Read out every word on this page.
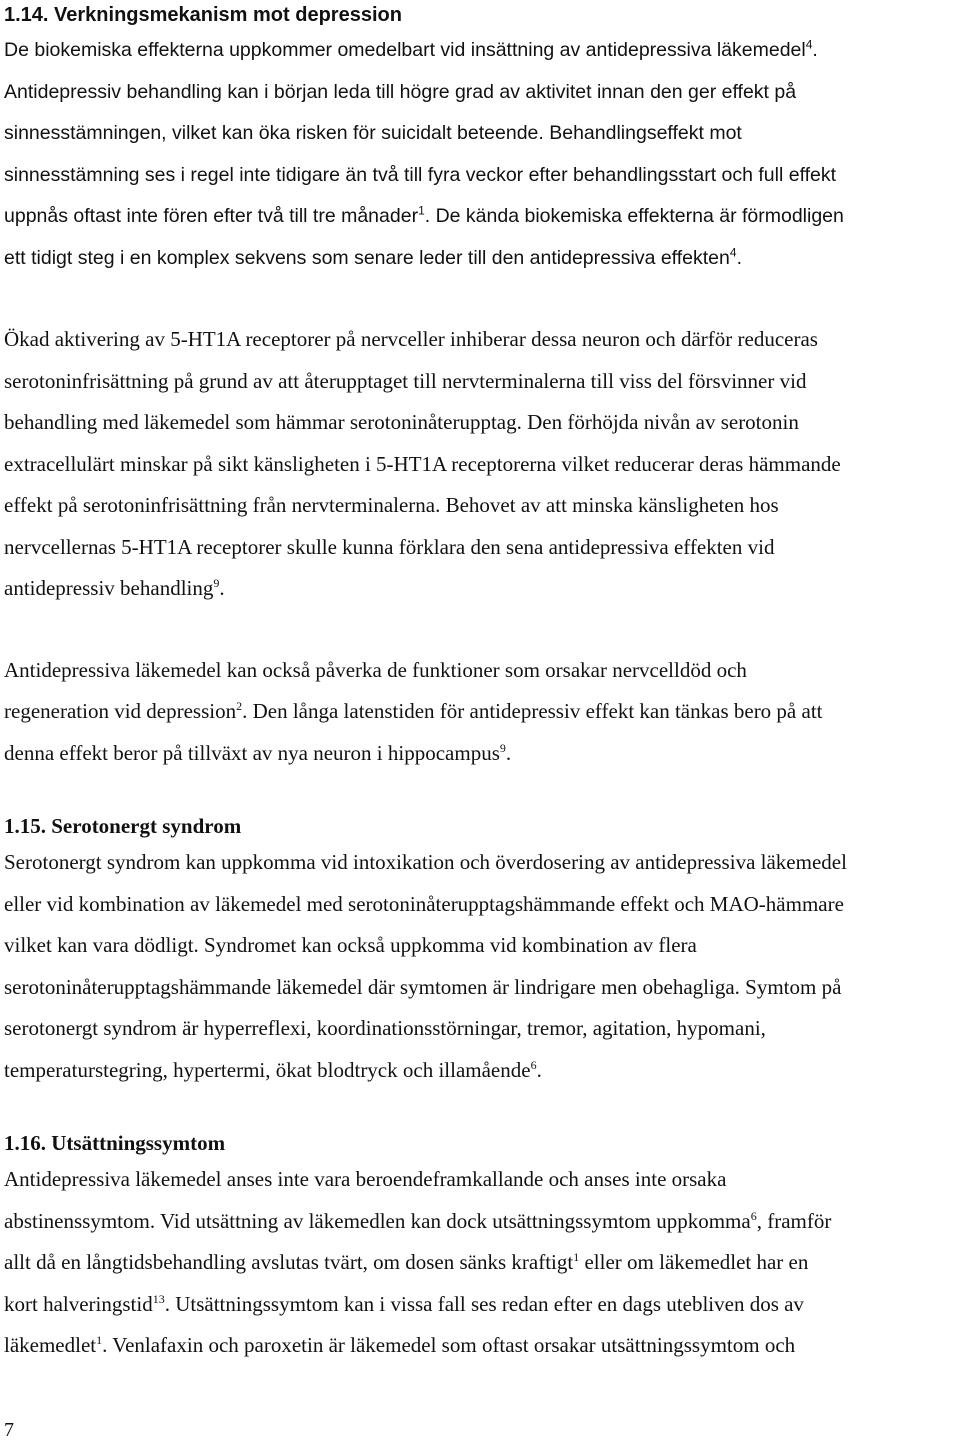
1.14. Verkningsmekanism mot depression
De biokemiska effekterna uppkommer omedelbart vid insättning av antidepressiva läkemedel$^4$.
Antidepressiv behandling kan i början leda till högre grad av aktivitet innan den ger effekt på
sinnesstämningen, vilket kan öka risken för suicidalt beteende. Behandlingseffekt mot
sinnesstämning ses i regel inte tidigare än två till fyra veckor efter behandlingsstart och full effekt
uppnås oftast inte fören efter två till tre månader$^1$. De kända biokemiska effekterna är förmodligen
ett tidigt steg i en komplex sekvens som senare leder till den antidepressiva effekten$^4$.
Ökad aktivering av 5-HT1A receptorer på nervceller inhiberar dessa neuron och därför reduceras
serotoninfrisättning på grund av att återupptaget till nervterminalerna till viss del försvinner vid
behandling med läkemedel som hämmar serotoninåterupptag. Den förhöjda nivån av serotonin
extracellulärt minskar på sikt känsligheten i 5-HT1A receptorerna vilket reducerar deras hämmande
effekt på serotoninfrisättning från nervterminalerna. Behovet av att minska känsligheten hos
nervcellernas 5-HT1A receptorer skulle kunna förklara den sena antidepressiva effekten vid
antidepressiv behandling$^9$.
Antidepressiva läkemedel kan också påverka de funktioner som orsakar nervcelldöd och
regeneration vid depression$^2$. Den långa latenstiden för antidepressiv effekt kan tänkas bero på att
denna effekt beror på tillväxt av nya neuron i hippocampus$^9$.
1.15. Serotonergt syndrom
Serotonergt syndrom kan uppkomma vid intoxikation och överdosering av antidepressiva läkemedel
eller vid kombination av läkemedel med serotoninåterupptagshämmande effekt och MAO-hämmare
vilket kan vara dödligt. Syndromet kan också uppkomma vid kombination av flera
serotoninåterupptagshämmande läkemedel där symtomen är lindrigare men obehagliga. Symtom på
serotonergt syndrom är hyperreflexi, koordinationsstörningar, tremor, agitation, hypomani,
temperaturstegring, hypertermi, ökat blodtryck och illamående$^6$.
1.16. Utsättningssymtom
Antidepressiva läkemedel anses inte vara beroendeframkallande och anses inte orsaka
abstinenssymtom. Vid utsättning av läkemedlen kan dock utsättningssymtom uppkomma$^6$, framför
allt då en långtidsbehandling avslutas tvärt, om dosen sänks kraftigt$^1$ eller om läkemedlet har en
kort halveringstid$^{13}$. Utsättningssymtom kan i vissa fall ses redan efter en dags utebliven dos av
läkemedlet$^1$. Venlafaxin och paroxetin är läkemedel som oftast orsakar utsättningssymtom och
7
